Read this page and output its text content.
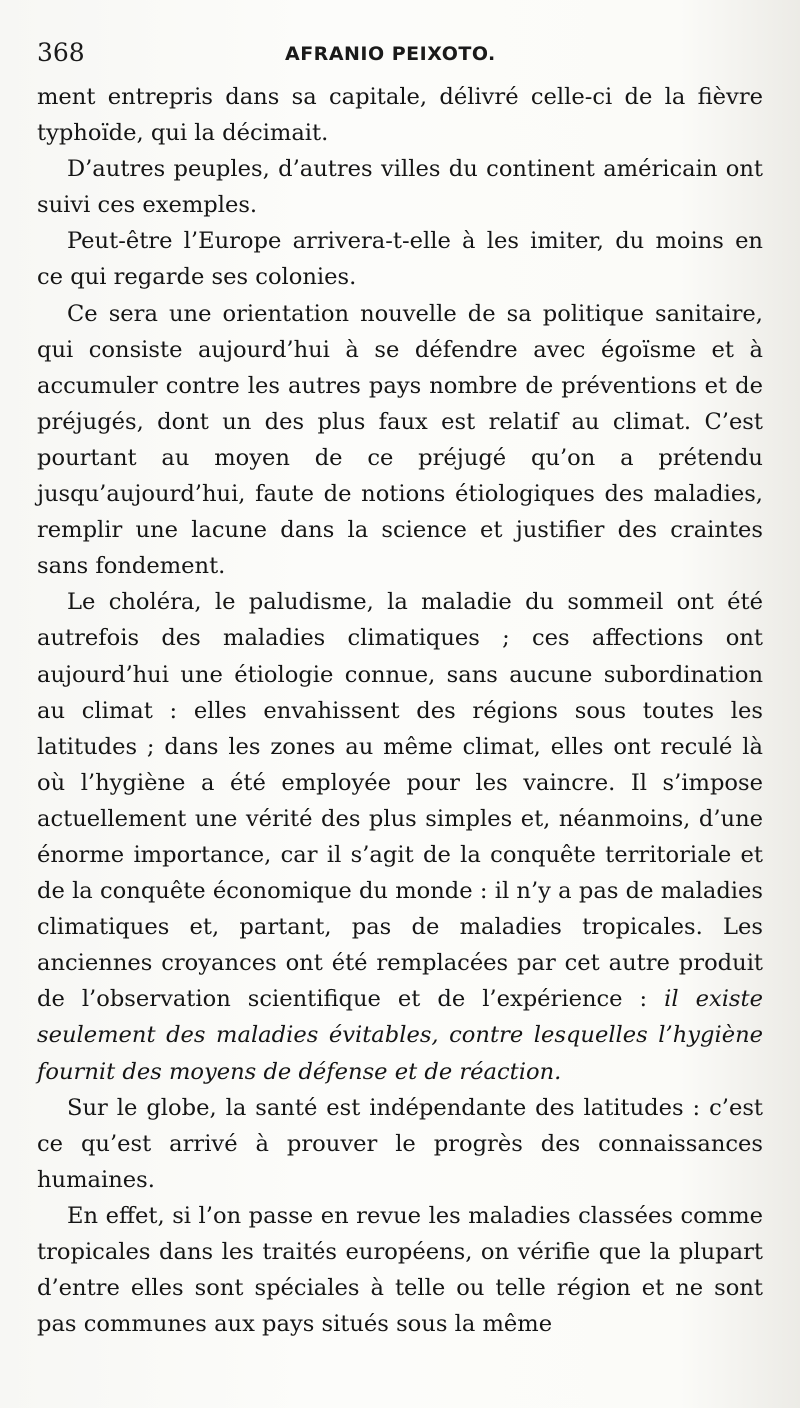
368	AFRANIO PEIXOTO.

ment entrepris dans sa capitale, délivré celle-ci de la fièvre typhoïde, qui la décimait.

D’autres peuples, d’autres villes du continent américain ont suivi ces exemples.

Peut-être l’Europe arrivera-t-elle à les imiter, du moins en ce qui regarde ses colonies.

Ce sera une orientation nouvelle de sa politique sanitaire, qui consiste aujourd’hui à se défendre avec égoïsme et à accumuler contre les autres pays nombre de préventions et de préjugés, dont un des plus faux est relatif au climat. C’est pourtant au moyen de ce préjugé qu’on a prétendu jusqu’aujourd’hui, faute de notions étiologiques des maladies, remplir une lacune dans la science et justifier des craintes sans fondement.

Le choléra, le paludisme, la maladie du sommeil ont été autrefois des maladies climatiques ; ces affections ont aujourd’hui une étiologie connue, sans aucune subordination au climat : elles envahissent des régions sous toutes les latitudes ; dans les zones au même climat, elles ont reculé là où l’hygiène a été employée pour les vaincre. Il s’impose actuellement une vérité des plus simples et, néanmoins, d’une énorme importance, car il s’agit de la conquête territoriale et de la conquête économique du monde : il n’y a pas de maladies climatiques et, partant, pas de maladies tropicales. Les anciennes croyances ont été remplacées par cet autre produit de l’observation scientifique et de l’expérience : il existe seulement des maladies évitables, contre lesquelles l’hygiène fournit des moyens de défense et de réaction.

Sur le globe, la santé est indépendante des latitudes : c’est ce qu’est arrivé à prouver le progrès des connaissances humaines.

En effet, si l’on passe en revue les maladies classées comme tropicales dans les traités européens, on vérifie que la plupart d’entre elles sont spéciales à telle ou telle région et ne sont pas communes aux pays situés sous la même
